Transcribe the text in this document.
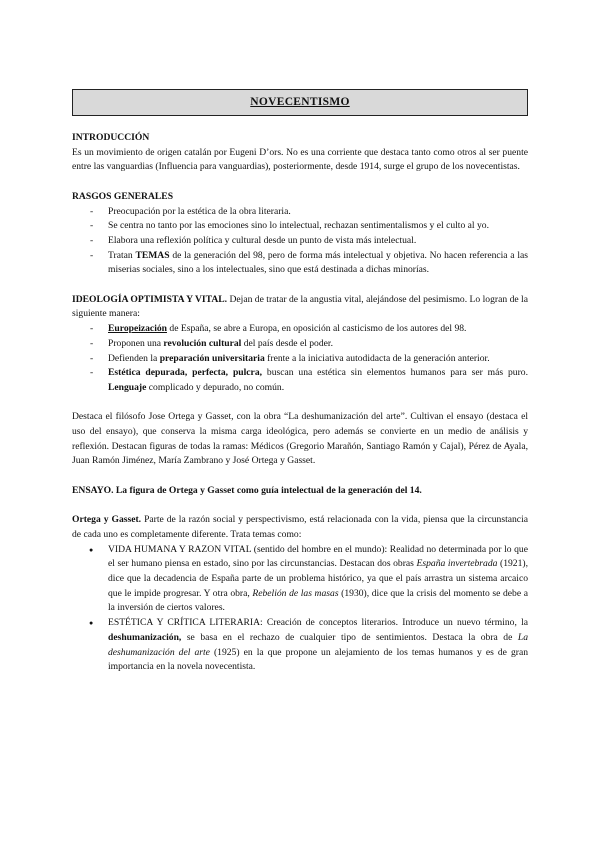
NOVECENTISMO

INTRODUCCIÓN

Es un movimiento de origen catalán por Eugeni D’ors. No es una corriente que destaca tanto como otros al ser puente entre las vanguardias (Influencia para vanguardias), posteriormente, desde 1914, surge el grupo de los novecentistas.

RASGOS GENERALES

- Preocupación por la estética de la obra literaria.
- Se centra no tanto por las emociones sino lo intelectual, rechazan sentimentalismos y el culto al yo.
- Elabora una reflexión política y cultural desde un punto de vista más intelectual.
- Tratan TEMAS de la generación del 98, pero de forma más intelectual y objetiva. No hacen referencia a las miserias sociales, sino a los intelectuales, sino que está destinada a dichas minorías.

IDEOLOGÍA OPTIMISTA Y VITAL. Dejan de tratar de la angustia vital, alejándose del pesimismo. Lo logran de la siguiente manera:

- Europeización de España, se abre a Europa, en oposición al casticismo de los autores del 98.
- Proponen una revolución cultural del país desde el poder.
- Defienden la preparación universitaria frente a la iniciativa autodidacta de la generación anterior.
- Estética depurada, perfecta, pulcra, buscan una estética sin elementos humanos para ser más puro. Lenguaje complicado y depurado, no común.

Destaca el filósofo Jose Ortega y Gasset, con la obra “La deshumanización del arte”. Cultivan el ensayo (destaca el uso del ensayo), que conserva la misma carga ideológica, pero además se convierte en un medio de análisis y reflexión. Destacan figuras de todas la ramas: Médicos (Gregorio Marañón, Santiago Ramón y Cajal), Pérez de Ayala, Juan Ramón Jiménez, María Zambrano y José Ortega y Gasset.

ENSAYO. La figura de Ortega y Gasset como guía intelectual de la generación del 14.

Ortega y Gasset. Parte de la razón social y perspectivismo, está relacionada con la vida, piensa que la circunstancia de cada uno es completamente diferente. Trata temas como:

● VIDA HUMANA Y RAZON VITAL (sentido del hombre en el mundo): Realidad no determinada por lo que el ser humano piensa en estado, sino por las circunstancias. Destacan dos obras España invertebrada (1921), dice que la decadencia de España parte de un problema histórico, ya que el país arrastra un sistema arcaico que le impide progresar. Y otra obra, Rebelión de las masas (1930), dice que la crisis del momento se debe a la inversión de ciertos valores.
● ESTÉTICA Y CRÍTICA LITERARIA: Creación de conceptos literarios. Introduce un nuevo término, la deshumanización, se basa en el rechazo de cualquier tipo de sentimientos. Destaca la obra de La deshumanización del arte (1925) en la que propone un alejamiento de los temas humanos y es de gran importancia en la novela novecentista.
